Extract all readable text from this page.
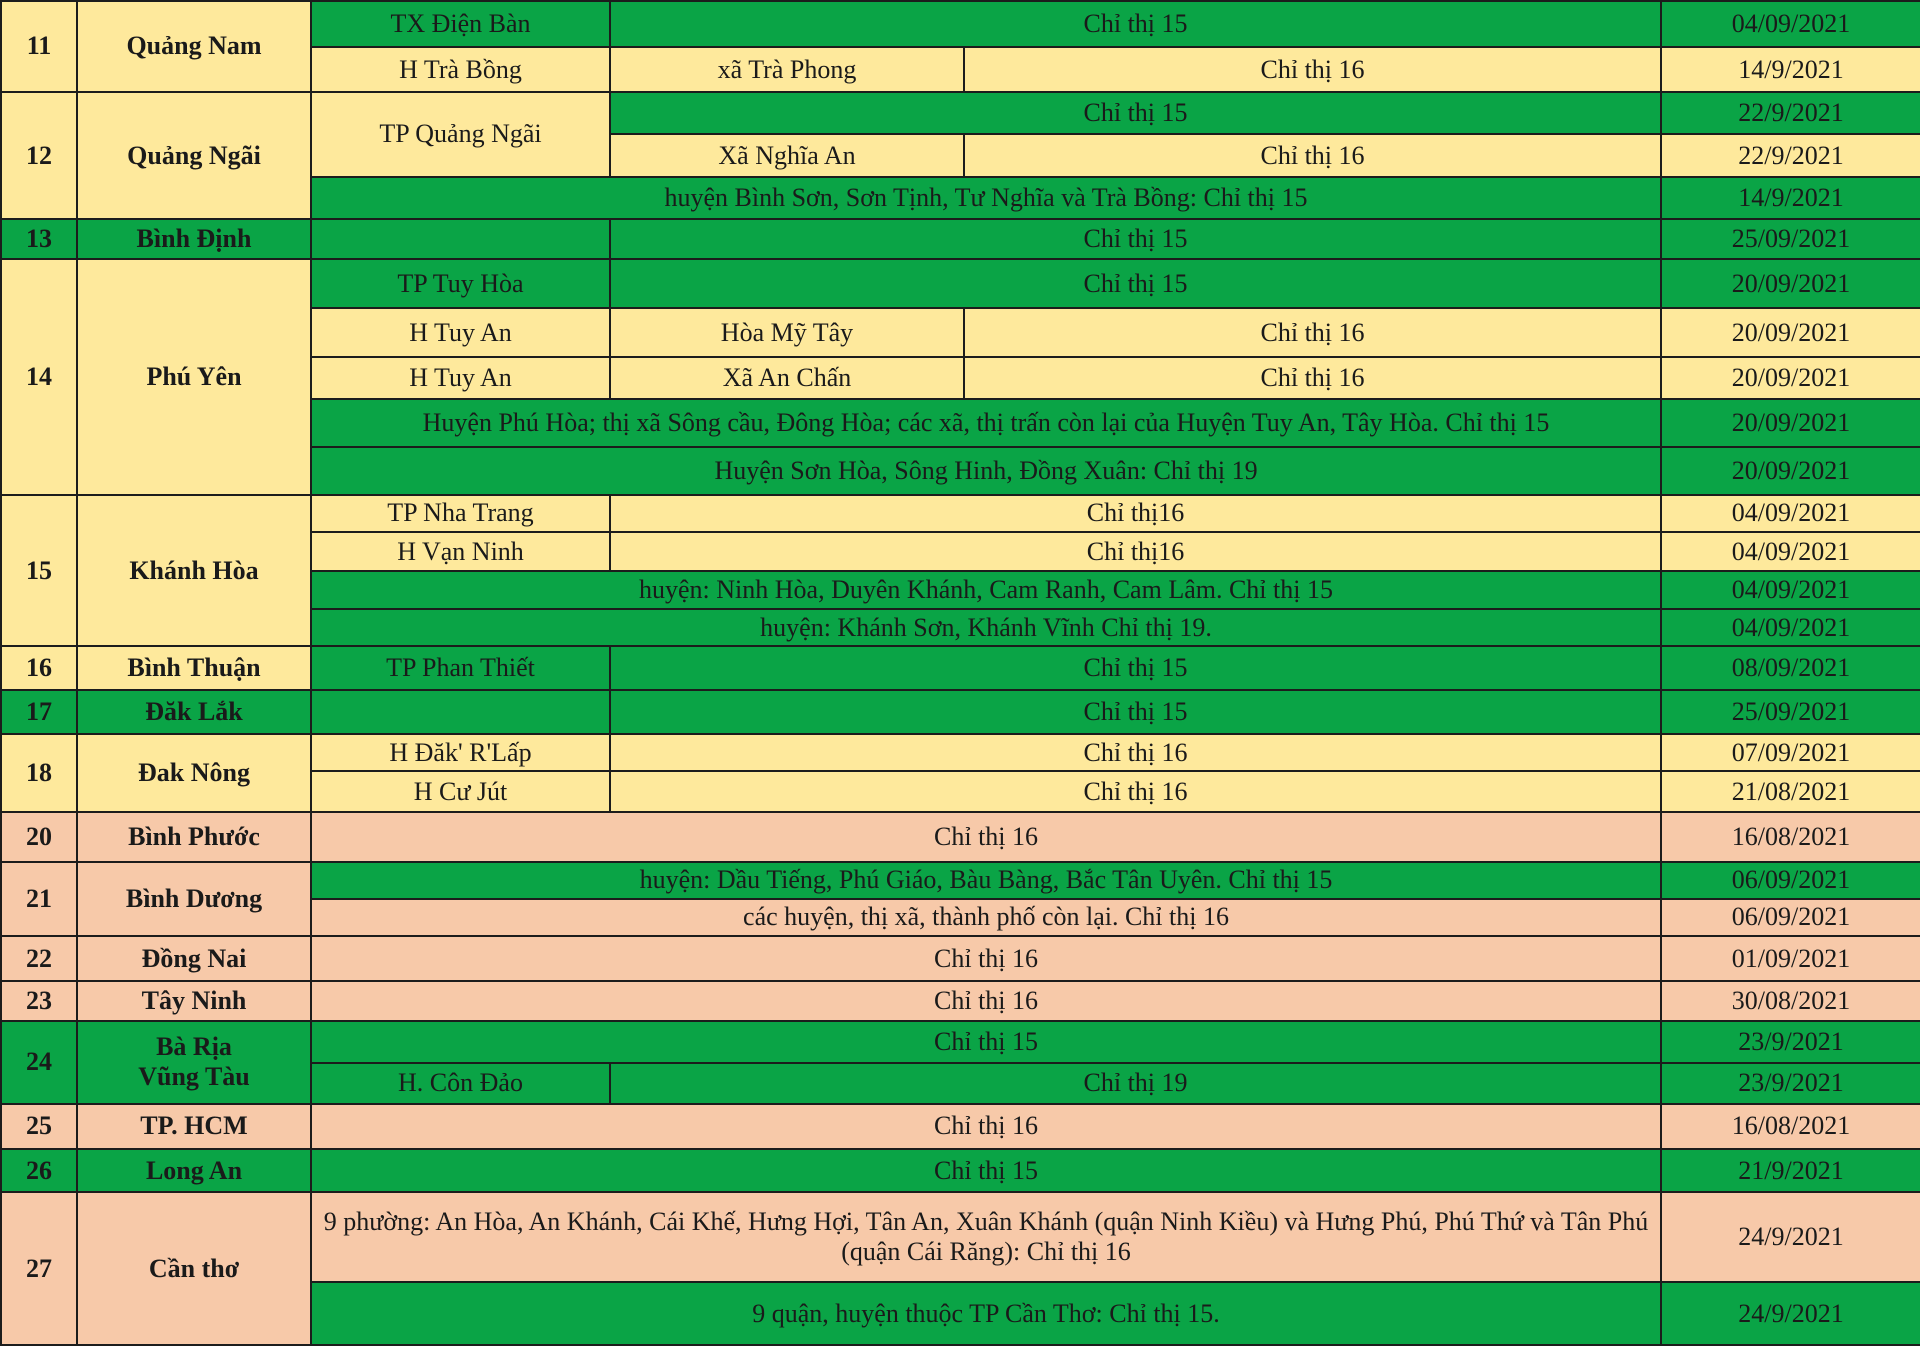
11	Quảng Nam	TX Điện Bàn	Chỉ thị 15		04/09/2021
		H Trà Bồng	xã Trà Phong	Chỉ thị 16	14/9/2021
12	Quảng Ngãi	TP Quảng Ngãi	Chỉ thị 15		22/9/2021
			Xã Nghĩa An	Chỉ thị 16	22/9/2021
		huyện Bình Sơn, Sơn Tịnh, Tư Nghĩa và Trà Bồng: Chỉ thị 15			14/9/2021
13	Bình Định		Chỉ thị 15		25/09/2021
14	Phú Yên	TP Tuy Hòa	Chỉ thị 15		20/09/2021
		H Tuy An	Hòa Mỹ Tây	Chỉ thị 16	20/09/2021
		H Tuy An	Xã An Chấn	Chỉ thị 16	20/09/2021
		Huyện Phú Hòa; thị xã Sông cầu, Đông Hòa; các xã, thị trấn còn lại của Huyện Tuy An, Tây Hòa. Chỉ thị 15			20/09/2021
		Huyện Sơn Hòa, Sông Hinh, Đồng Xuân: Chỉ thị 19			20/09/2021
15	Khánh Hòa	TP Nha Trang	Chỉ thị16		04/09/2021
		H Vạn Ninh	Chỉ thị16		04/09/2021
		huyện: Ninh Hòa, Duyên Khánh, Cam Ranh, Cam Lâm. Chỉ thị 15			04/09/2021
		huyện: Khánh Sơn, Khánh Vĩnh Chỉ thị 19.			04/09/2021
16	Bình Thuận	TP Phan Thiết	Chỉ thị 15		08/09/2021
17	Đăk Lắk		Chỉ thị 15		25/09/2021
18	Đak Nông	H Đăk' R'Lấp	Chỉ thị 16		07/09/2021
		H Cư Jút	Chỉ thị 16		21/08/2021
20	Bình Phước	Chỉ thị 16			16/08/2021
21	Bình Dương	huyện: Dầu Tiếng, Phú Giáo, Bàu Bàng, Bắc Tân Uyên. Chỉ thị 15			06/09/2021
		các huyện, thị xã, thành phố còn lại. Chỉ thị 16			06/09/2021
22	Đồng Nai	Chỉ thị 16			01/09/2021
23	Tây Ninh	Chỉ thị 16			30/08/2021
24	Bà Rịa
Vũng Tàu	Chỉ thị 15			23/9/2021
		H. Côn Đảo	Chỉ thị 19		23/9/2021
25	TP. HCM	Chỉ thị 16			16/08/2021
26	Long An	Chỉ thị 15			21/9/2021
27	Cần thơ	9 phường: An Hòa, An Khánh, Cái Khế, Hưng Hợi, Tân An, Xuân Khánh (quận Ninh Kiều) và Hưng Phú, Phú Thứ và Tân Phú (quận Cái Răng): Chỉ thị 16			24/9/2021
		9 quận, huyện thuộc TP Cần Thơ: Chỉ thị 15.			24/9/2021
